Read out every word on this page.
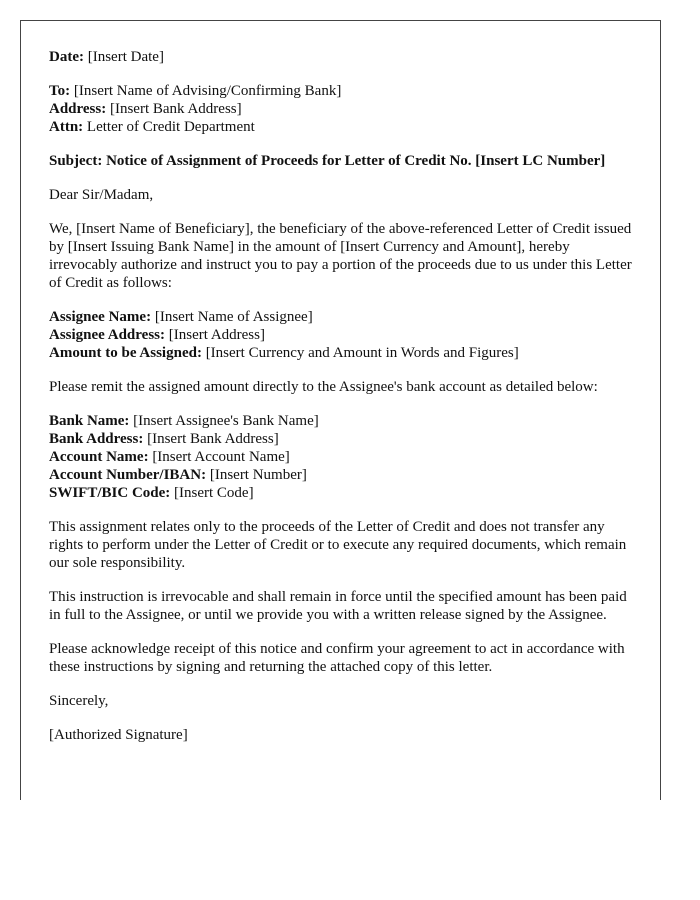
Date: [Insert Date]

To: [Insert Name of Advising/Confirming Bank]
Address: [Insert Bank Address]
Attn: Letter of Credit Department

Subject: Notice of Assignment of Proceeds for Letter of Credit No. [Insert LC Number]

Dear Sir/Madam,

We, [Insert Name of Beneficiary], the beneficiary of the above-referenced Letter of Credit issued by [Insert Issuing Bank Name] in the amount of [Insert Currency and Amount], hereby irrevocably authorize and instruct you to pay a portion of the proceeds due to us under this Letter of Credit as follows:

Assignee Name: [Insert Name of Assignee]
Assignee Address: [Insert Address]
Amount to be Assigned: [Insert Currency and Amount in Words and Figures]

Please remit the assigned amount directly to the Assignee's bank account as detailed below:

Bank Name: [Insert Assignee's Bank Name]
Bank Address: [Insert Bank Address]
Account Name: [Insert Account Name]
Account Number/IBAN: [Insert Number]
SWIFT/BIC Code: [Insert Code]

This assignment relates only to the proceeds of the Letter of Credit and does not transfer any rights to perform under the Letter of Credit or to execute any required documents, which remain our sole responsibility.

This instruction is irrevocable and shall remain in force until the specified amount has been paid in full to the Assignee, or until we provide you with a written release signed by the Assignee.

Please acknowledge receipt of this notice and confirm your agreement to act in accordance with these instructions by signing and returning the attached copy of this letter.

Sincerely,

[Authorized Signature]
